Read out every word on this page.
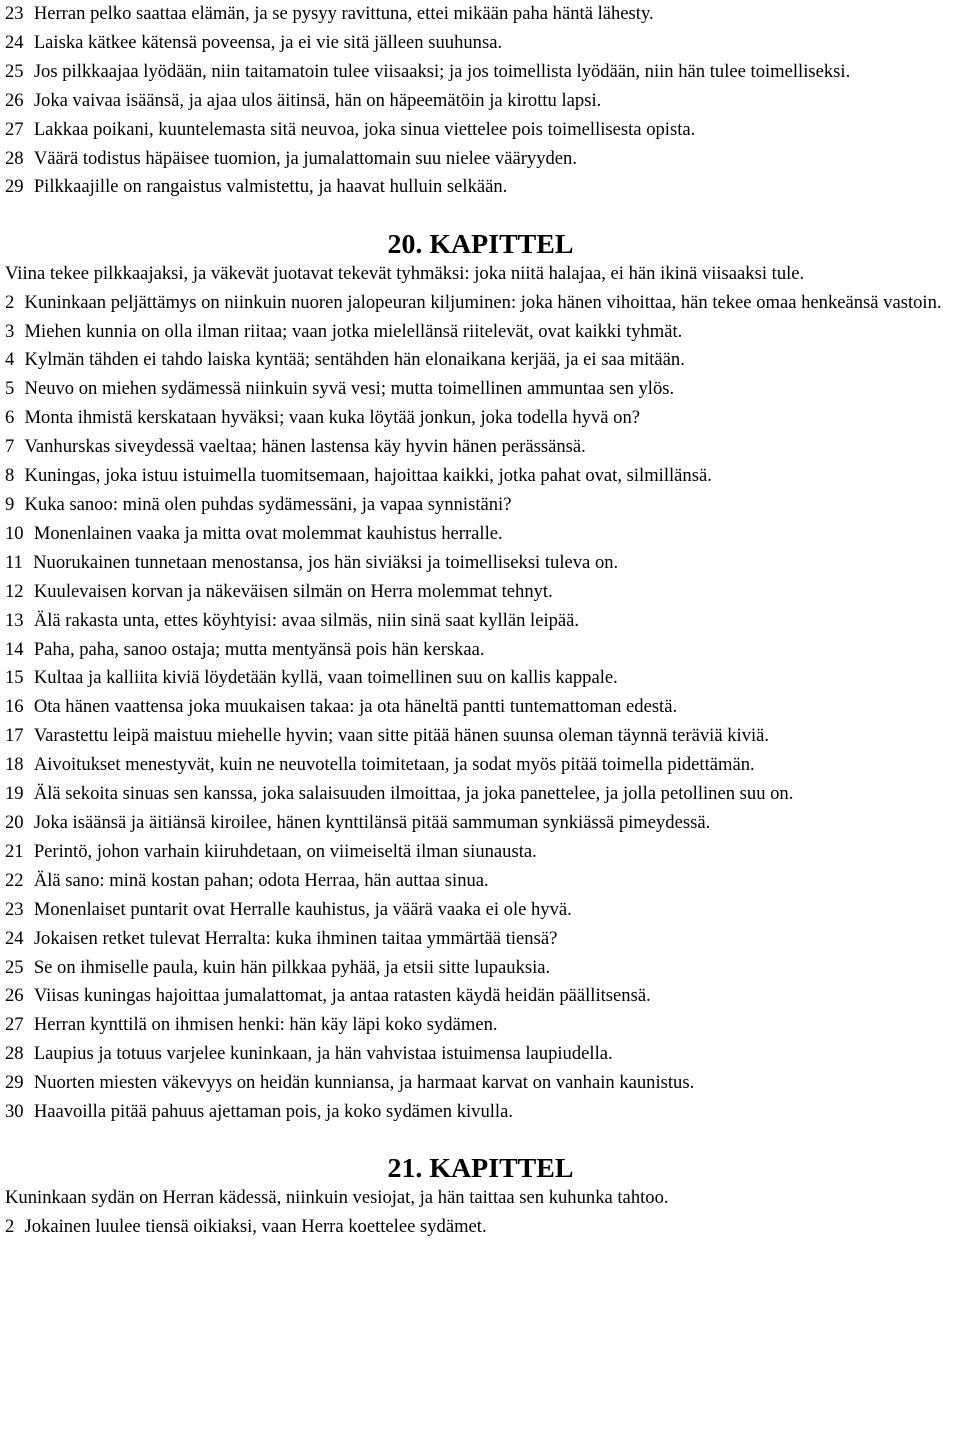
23 Herran pelko saattaa elämän, ja se pysyy ravittuna, ettei mikään paha häntä lähesty.

24 Laiska kätkee kätensä poveensa, ja ei vie sitä jälleen suuhunsa.

25 Jos pilkkaajaa lyödään, niin taitamatoin tulee viisaaksi; ja jos toimellista lyödään, niin hän tulee toimelliseksi.

26 Joka vaivaa isäänsä, ja ajaa ulos äitinsä, hän on häpeemätöin ja kirottu lapsi.

27 Lakkaa poikani, kuuntelemasta sitä neuvoa, joka sinua viettelee pois toimellisesta opista.

28 Väärä todistus häpäisee tuomion, ja jumalattomain suu nielee vääryyden.

29 Pilkkaajille on rangaistus valmistettu, ja haavat hulluin selkään.

20. KAPITTEL

Viina tekee pilkkaajaksi, ja väkevät juotavat tekevät tyhmäksi: joka niitä halajaa, ei hän ikinä viisaaksi tule.

2 Kuninkaan peljättämys on niinkuin nuoren jalopeuran kiljuminen: joka hänen vihoittaa, hän tekee omaa henkeänsä vastoin.

3 Miehen kunnia on olla ilman riitaa; vaan jotka mielellänsä riitelevät, ovat kaikki tyhmät.

4 Kylmän tähden ei tahdo laiska kyntää; sentähden hän elonaikana kerjää, ja ei saa mitään.

5 Neuvo on miehen sydämessä niinkuin syvä vesi; mutta toimellinen ammuntaa sen ylös.

6 Monta ihmistä kerskataan hyväksi; vaan kuka löytää jonkun, joka todella hyvä on?

7 Vanhurskas siveydessä vaeltaa; hänen lastensa käy hyvin hänen perässänsä.

8 Kuningas, joka istuu istuimella tuomitsemaan, hajoittaa kaikki, jotka pahat ovat, silmillänsä.

9 Kuka sanoo: minä olen puhdas sydämessäni, ja vapaa synnistäni?

10 Monenlainen vaaka ja mitta ovat molemmat kauhistus herralle.

11 Nuorukainen tunnetaan menostansa, jos hän siviäksi ja toimelliseksi tuleva on.

12 Kuulevaisen korvan ja näkeväisen silmän on Herra molemmat tehnyt.

13 Älä rakasta unta, ettes köyhtyisi: avaa silmäs, niin sinä saat kyllän leipää.

14 Paha, paha, sanoo ostaja; mutta mentyänsä pois hän kerskaa.

15 Kultaa ja kalliita kiviä löydetään kyllä, vaan toimellinen suu on kallis kappale.

16 Ota hänen vaattensa joka muukaisen takaa: ja ota häneltä pantti tuntemattoman edestä.

17 Varastettu leipä maistuu miehelle hyvin; vaan sitte pitää hänen suunsa oleman täynnä teräviä kiviä.

18 Aivoitukset menestyvät, kuin ne neuvotella toimitetaan, ja sodat myös pitää toimella pidettämän.

19 Älä sekoita sinuas sen kanssa, joka salaisuuden ilmoittaa, ja joka panettelee, ja jolla petollinen suu on.

20 Joka isäänsä ja äitiänsä kiroilee, hänen kynttilänsä pitää sammuman synkiässä pimeydessä.

21 Perintö, johon varhain kiiruhdetaan, on viimeiseltä ilman siunausta.

22 Älä sano: minä kostan pahan; odota Herraa, hän auttaa sinua.

23 Monenlaiset puntarit ovat Herralle kauhistus, ja väärä vaaka ei ole hyvä.

24 Jokaisen retket tulevat Herralta: kuka ihminen taitaa ymmärtää tiensä?

25 Se on ihmiselle paula, kuin hän pilkkaa pyhää, ja etsii sitte lupauksia.

26 Viisas kuningas hajoittaa jumalattomat, ja antaa ratasten käydä heidän päällitsensä.

27 Herran kynttilä on ihmisen henki: hän käy läpi koko sydämen.

28 Laupius ja totuus varjelee kuninkaan, ja hän vahvistaa istuimensa laupiudella.

29 Nuorten miesten väkevyys on heidän kunniansa, ja harmaat karvat on vanhain kaunistus.

30 Haavoilla pitää pahuus ajettaman pois, ja koko sydämen kivulla.

21. KAPITTEL

Kuninkaan sydän on Herran kädessä, niinkuin vesiojat, ja hän taittaa sen kuhunka tahtoo.

2 Jokainen luulee tiensä oikiaksi, vaan Herra koettelee sydämet.
